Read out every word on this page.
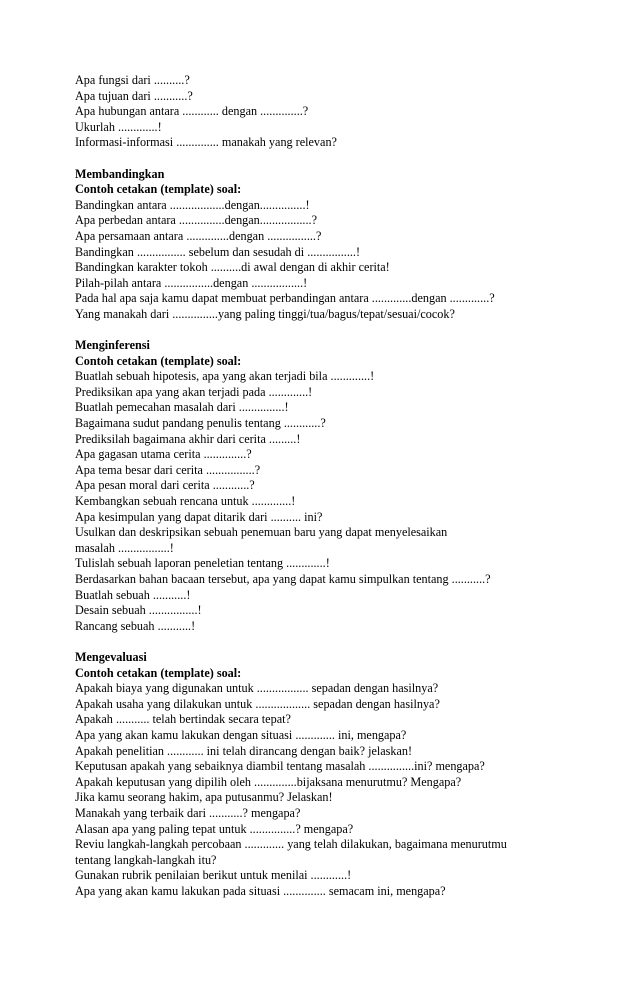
Apa fungsi dari ..........?
Apa tujuan dari ...........?
Apa hubungan antara ............ dengan ..............?
Ukurlah .............!
Informasi-informasi .............. manakah yang relevan?
Membandingkan
Contoh cetakan (template) soal:
Bandingkan antara ..................dengan...............!
Apa perbedan antara ...............dengan.................?
Apa persamaan antara ..............dengan ................?
Bandingkan ................ sebelum dan sesudah di ................!
Bandingkan karakter tokoh ..........di awal dengan di akhir cerita!
Pilah-pilah antara ................dengan .................!
Pada hal apa saja kamu dapat membuat perbandingan antara .............dengan .............?
Yang manakah dari ...............yang paling tinggi/tua/bagus/tepat/sesuai/cocok?
Menginferensi
Contoh cetakan (template) soal:
Buatlah sebuah hipotesis, apa yang akan terjadi bila .............!
Prediksikan apa yang akan terjadi pada .............!
Buatlah pemecahan masalah dari ...............!
Bagaimana sudut pandang penulis tentang ............?
Prediksilah bagaimana akhir dari cerita .........!
Apa gagasan utama cerita ..............?
Apa tema besar dari cerita ................?
Apa pesan moral dari cerita ............?
Kembangkan sebuah rencana untuk .............!
Apa kesimpulan yang dapat ditarik dari .......... ini?
Usulkan dan deskripsikan sebuah penemuan baru yang dapat menyelesaikan
masalah .................!
Tulislah sebuah laporan peneletian tentang .............!
Berdasarkan bahan bacaan tersebut, apa yang dapat kamu simpulkan tentang ...........?
Buatlah sebuah ...........!
Desain sebuah ................!
Rancang sebuah ...........!
Mengevaluasi
Contoh cetakan (template) soal:
Apakah biaya yang digunakan untuk ................. sepadan dengan hasilnya?
Apakah usaha yang dilakukan untuk .................. sepadan dengan hasilnya?
Apakah ........... telah bertindak secara tepat?
Apa yang akan kamu lakukan dengan situasi ............. ini, mengapa?
Apakah penelitian ............ ini telah dirancang dengan baik? jelaskan!
Keputusan apakah yang sebaiknya diambil tentang masalah ...............ini? mengapa?
Apakah keputusan yang dipilih oleh ..............bijaksana menurutmu? Mengapa?
Jika kamu seorang hakim, apa putusanmu? Jelaskan!
Manakah yang terbaik dari ...........? mengapa?
Alasan apa yang paling tepat untuk ...............? mengapa?
Reviu langkah-langkah percobaan ............. yang telah dilakukan, bagaimana menurutmu
tentang langkah-langkah itu?
Gunakan rubrik penilaian berikut untuk menilai ............!
Apa yang akan kamu lakukan pada situasi .............. semacam ini, mengapa?
